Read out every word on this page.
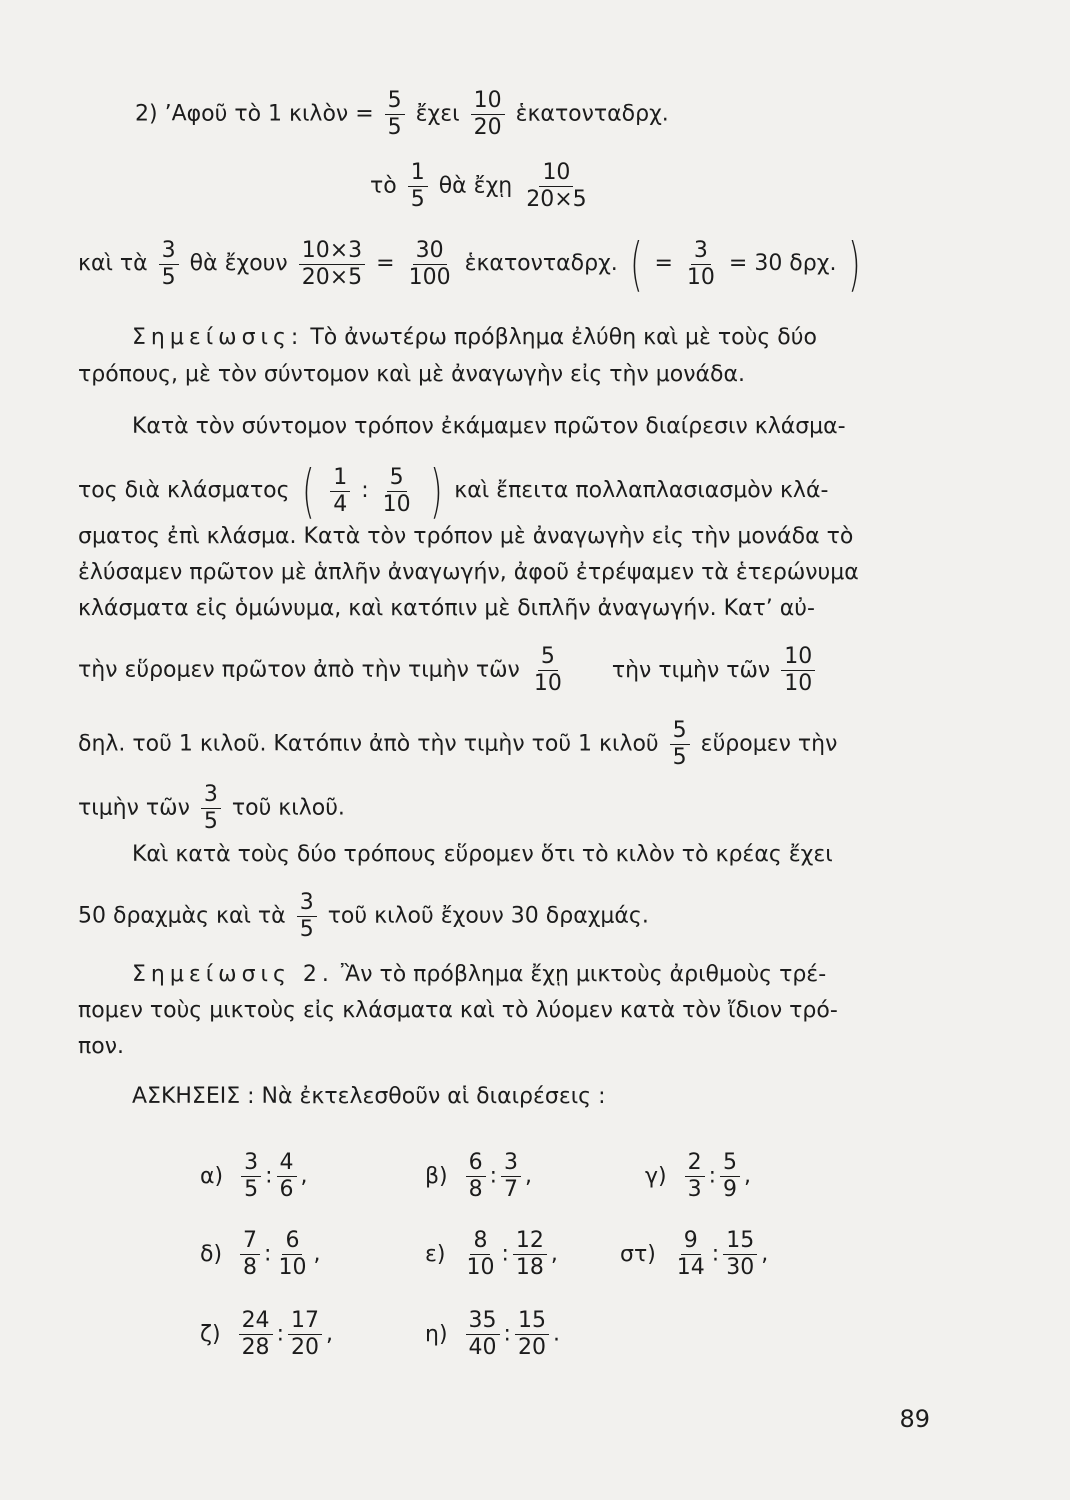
2) ’Αφοῦ τὸ 1 κιλὸν = $\frac{5}{5}$ ἔχει $\frac{10}{20}$ ἑκατονταδρχ.
τὸ $\frac{1}{5}$ θὰ ἔχῃ $\frac{10}{20\times 5}$
καὶ τὰ $\frac{3}{5}$ θὰ ἔχουν $\frac{10\times 3}{20\times 5} = \frac{30}{100}$ ἑκατονταδρχ. ( = $\frac{3}{10} = 30$ δρχ. )
Σημείωσις: Τὸ ἀνωτέρω πρόβλημα ἐλύθη καὶ μὲ τοὺς δύο
τρόπους, μὲ τὸν σύντομον καὶ μὲ ἀναγωγὴν εἰς τὴν μονάδα.
Κατὰ τὸν σύντομον τρόπον ἐκάμαμεν πρῶτον διαίρεσιν κλάσμα-
τος διὰ κλάσματος ( $\frac{1}{4}$ : $\frac{5}{10}$ ) καὶ ἔπειτα πολλαπλασιασμὸν κλά-
σματος ἐπὶ κλάσμα. Κατὰ τὸν τρόπον μὲ ἀναγωγὴν εἰς τὴν μονάδα τὸ
ἐλύσαμεν πρῶτον μὲ ἁπλῆν ἀναγωγήν, ἀφοῦ ἐτρέψαμεν τὰ ἑτερώνυμα
κλάσματα εἰς ὁμώνυμα, καὶ κατόπιν μὲ διπλῆν ἀναγωγήν. Κατ’ αὐ-
τὴν εὕρομεν πρῶτον ἀπὸ τὴν τιμὴν τῶν $\frac{5}{10}$ τὴν τιμὴν τῶν $\frac{10}{10}$
δηλ. τοῦ 1 κιλοῦ. Κατόπιν ἀπὸ τὴν τιμὴν τοῦ 1 κιλοῦ $\frac{5}{5}$ εὕρομεν τὴν
τιμὴν τῶν $\frac{3}{5}$ τοῦ κιλοῦ.
Καὶ κατὰ τοὺς δύο τρόπους εὕρομεν ὅτι τὸ κιλὸν τὸ κρέας ἔχει
50 δραχμὰς καὶ τὰ $\frac{3}{5}$ τοῦ κιλοῦ ἔχουν 30 δραχμάς.
Σημείωσις 2. Ἂν τὸ πρόβλημα ἔχῃ μικτοὺς ἀριθμοὺς τρέ-
πομεν τοὺς μικτοὺς εἰς κλάσματα καὶ τὸ λύομεν κατὰ τὸν ἴδιον τρό-
πον.
ΑΣΚΗΣΕΙΣ : Νὰ ἐκτελεσθοῦν αἱ διαιρέσεις :
$\alpha) \frac{3}{5}$ : $\frac{4}{6}$ ,	$\beta) \frac{6}{8}$ : $\frac{3}{7}$ ,	$\gamma) \frac{2}{3}$ : $\frac{5}{9}$ ,
$\delta) \frac{7}{8}$ : $\frac{6}{10}$ ,	$\varepsilon) \frac{8}{10}$ : $\frac{12}{18}$ ,	$\sigma\tau) \frac{9}{14}$ : $\frac{15}{30}$ ,
$\zeta) \frac{24}{28}$ : $\frac{17}{20}$ ,	$\eta) \frac{35}{40}$ : $\frac{15}{20}$ .
89
